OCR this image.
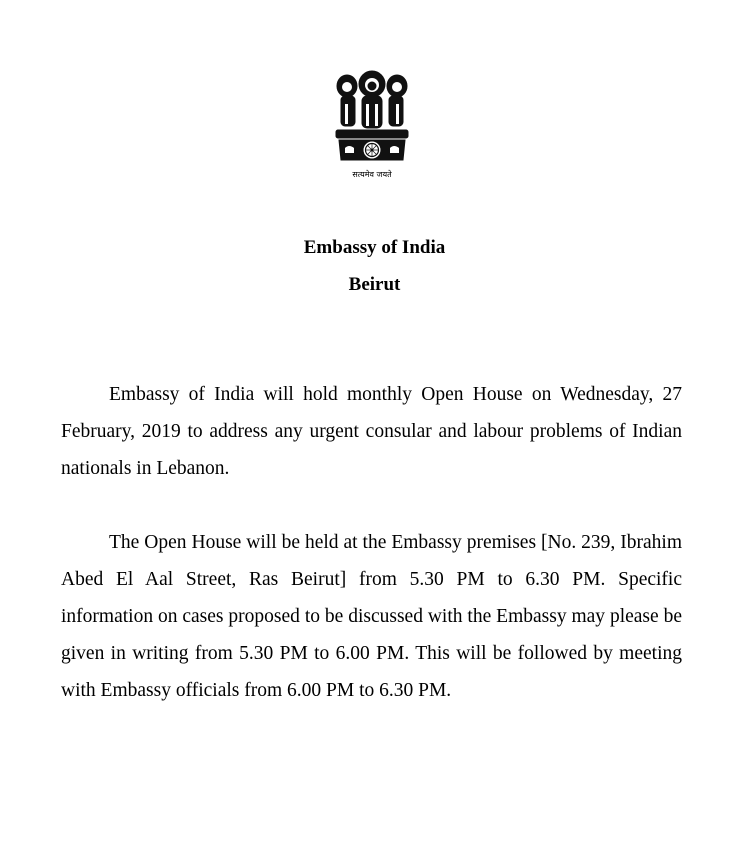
सत्यमेव जयते
Embassy of India
Beirut

Embassy of India will hold monthly Open House on Wednesday, 27 February, 2019 to address any urgent consular and labour problems of Indian nationals in Lebanon.

The Open House will be held at the Embassy premises [No. 239, Ibrahim Abed El Aal Street, Ras Beirut] from 5.30 PM to 6.30 PM. Specific information on cases proposed to be discussed with the Embassy may please be given in writing from 5.30 PM to 6.00 PM. This will be followed by meeting with Embassy officials from 6.00 PM to 6.30 PM.
